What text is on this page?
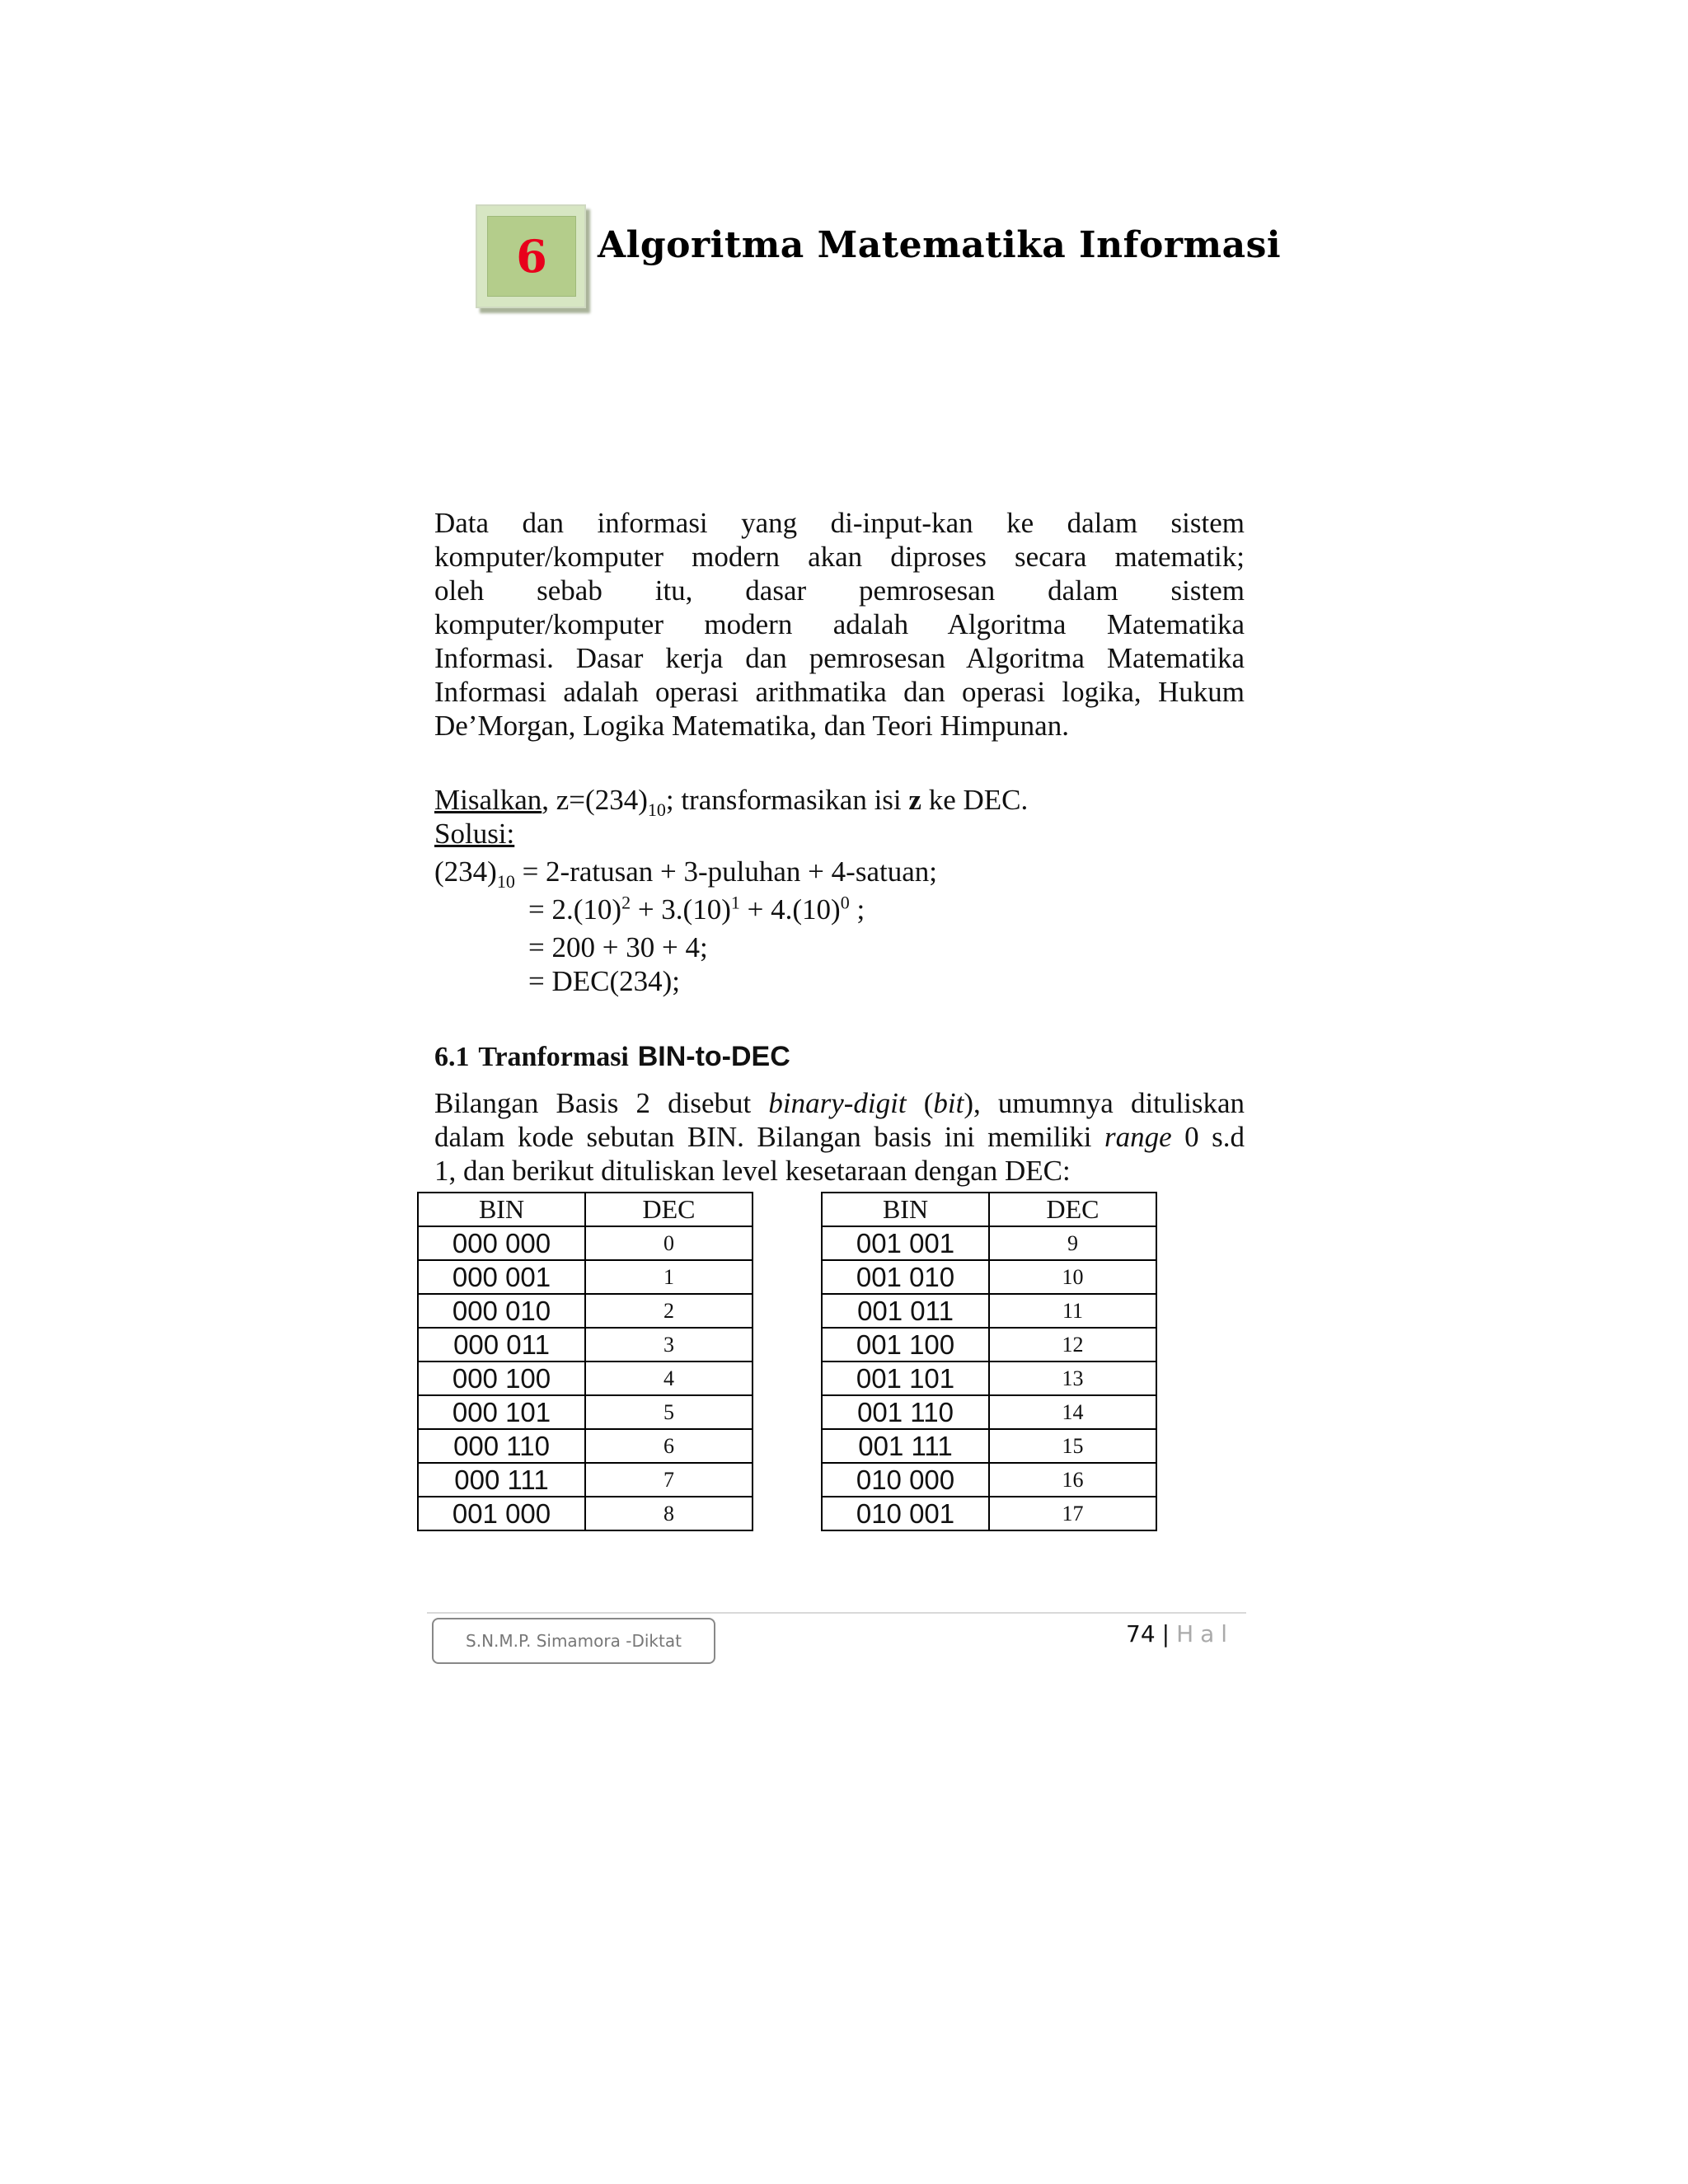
6	Algoritma Matematika Informasi
Data dan informasi yang di-input-kan ke dalam sistem
komputer/komputer modern akan diproses secara matematik;
oleh sebab itu, dasar pemrosesan dalam sistem
komputer/komputer modern adalah Algoritma Matematika
Informasi. Dasar kerja dan pemrosesan Algoritma Matematika
Informasi adalah operasi arithmatika dan operasi logika, Hukum
De’Morgan, Logika Matematika, dan Teori Himpunan.
Misalkan, $z=(234)_{10}$; transformasikan isi z ke DEC.
Solusi:
$(234)_{10}$ = 2-ratusan + 3-puluhan + 4-satuan;
= $2.(10)^2 + 3.(10)^1 + 4.(10)^0$ ;
= 200 + 30 + 4;
= DEC(234);
6.1 Tranformasi BIN-to-DEC
Bilangan Basis 2 disebut binary-digit (bit), umumnya dituliskan
dalam kode sebutan BIN. Bilangan basis ini memiliki range 0 s.d
1, dan berikut dituliskan level kesetaraan dengan DEC:
BIN	DEC
000 000	0
000 001	1
000 010	2
000 011	3
000 100	4
000 101	5
000 110	6
000 111	7
001 000	8
BIN	DEC
001 001	9
001 010	10
001 011	11
001 100	12
001 101	13
001 110	14
001 111	15
010 000	16
010 001	17
S.N.M.P. Simamora -Diktat	74 | Hal
